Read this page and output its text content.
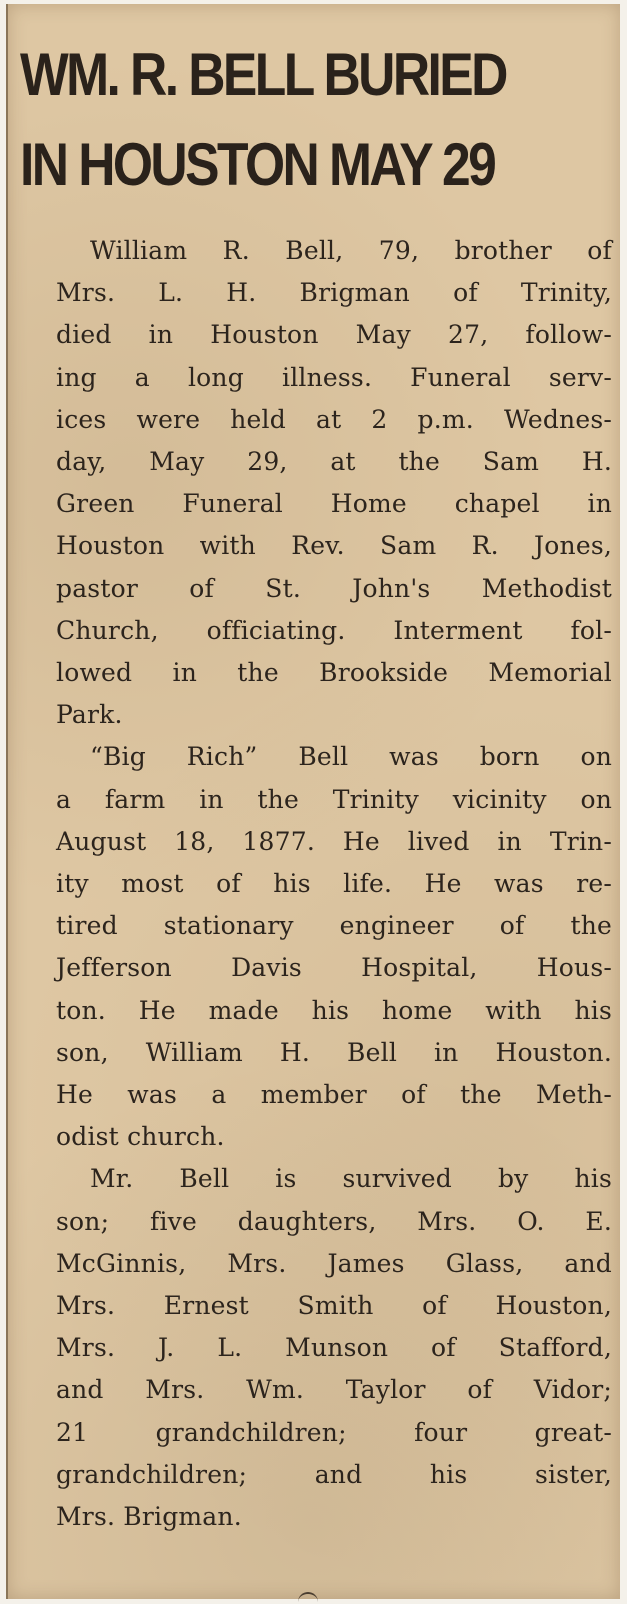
WM. R. BELL BURIED
IN HOUSTON MAY 29
William R. Bell, 79, brother of
Mrs. L. H. Brigman of Trinity,
died in Houston May 27, follow-
ing a long illness. Funeral serv-
ices were held at 2 p.m. Wednes-
day, May 29, at the Sam H.
Green Funeral Home chapel in
Houston with Rev. Sam R. Jones,
pastor of St. John's Methodist
Church, officiating. Interment fol-
lowed in the Brookside Memorial
Park.
“Big Rich” Bell was born on
a farm in the Trinity vicinity on
August 18, 1877. He lived in Trin-
ity most of his life. He was re-
tired stationary engineer of the
Jefferson Davis Hospital, Hous-
ton. He made his home with his
son, William H. Bell in Houston.
He was a member of the Meth-
odist church.
Mr. Bell is survived by his
son; five daughters, Mrs. O. E.
McGinnis, Mrs. James Glass, and
Mrs. Ernest Smith of Houston,
Mrs. J. L. Munson of Stafford,
and Mrs. Wm. Taylor of Vidor;
21 grandchildren; four great-
grandchildren; and his sister,
Mrs. Brigman.
